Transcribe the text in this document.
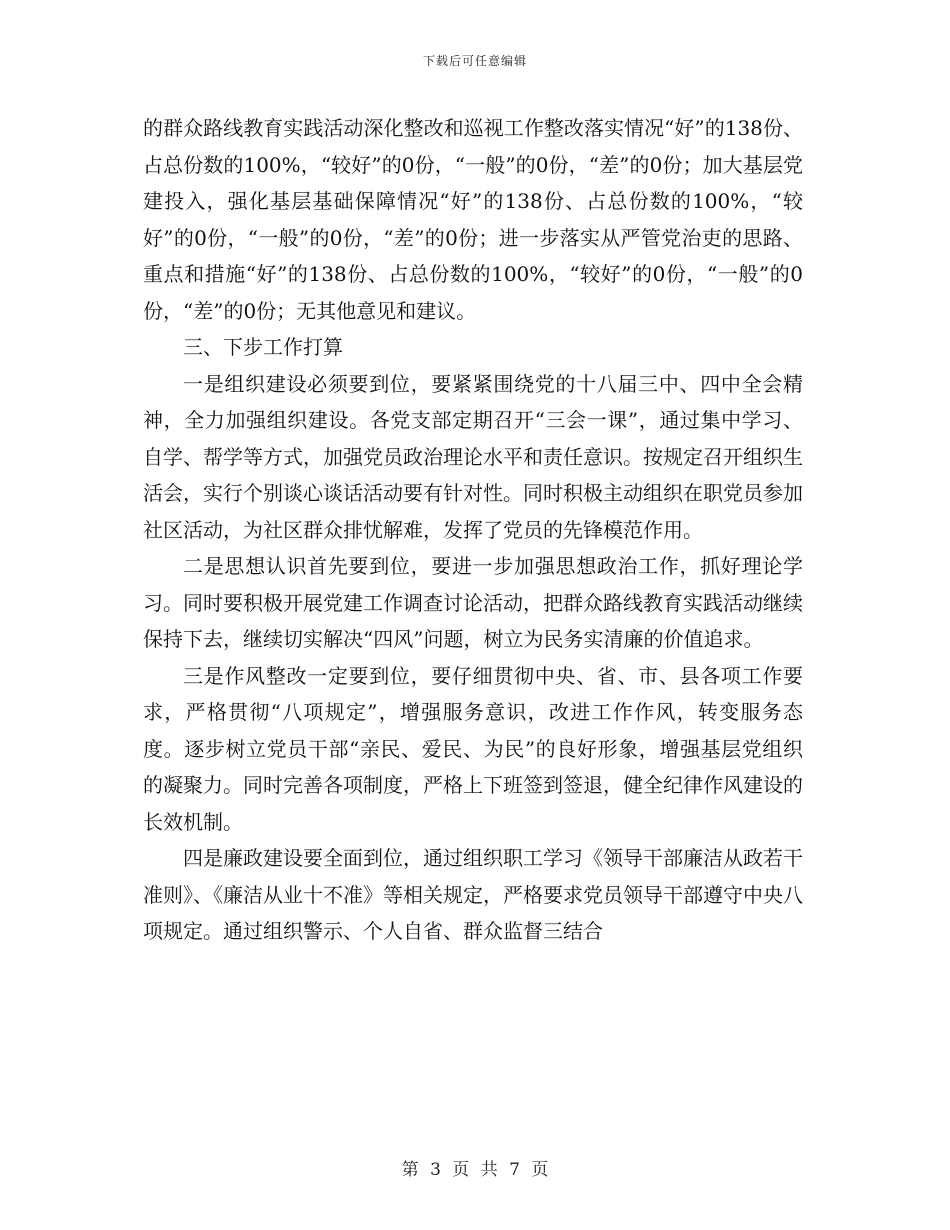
下载后可任意编辑

的群众路线教育实践活动深化整改和巡视工作整改落实情况“好”的138份、占总份数的100%，“较好”的0份，“一般”的0份，“差”的0份；加大基层党建投入，强化基层基础保障情况“好”的138份、占总份数的100%，“较好”的0份，“一般”的0份，“差”的0份；进一步落实从严管党治吏的思路、重点和措施“好”的138份、占总份数的100%，“较好”的0份，“一般”的0份，“差”的0份；无其他意见和建议。

三、下步工作打算

一是组织建设必须要到位，要紧紧围绕党的十八届三中、四中全会精神，全力加强组织建设。各党支部定期召开“三会一课”，通过集中学习、自学、帮学等方式，加强党员政治理论水平和责任意识。按规定召开组织生活会，实行个别谈心谈话活动要有针对性。同时积极主动组织在职党员参加社区活动，为社区群众排忧解难，发挥了党员的先锋模范作用。

二是思想认识首先要到位，要进一步加强思想政治工作，抓好理论学习。同时要积极开展党建工作调查讨论活动，把群众路线教育实践活动继续保持下去，继续切实解决“四风”问题，树立为民务实清廉的价值追求。

三是作风整改一定要到位，要仔细贯彻中央、省、市、县各项工作要求，严格贯彻“八项规定”，增强服务意识，改进工作作风，转变服务态度。逐步树立党员干部“亲民、爱民、为民”的良好形象，增强基层党组织的凝聚力。同时完善各项制度，严格上下班签到签退，健全纪律作风建设的长效机制。

四是廉政建设要全面到位，通过组织职工学习《领导干部廉洁从政若干准则》、《廉洁从业十不准》等相关规定，严格要求党员领导干部遵守中央八项规定。通过组织警示、个人自省、群众监督三结合

第 3 页 共 7 页
